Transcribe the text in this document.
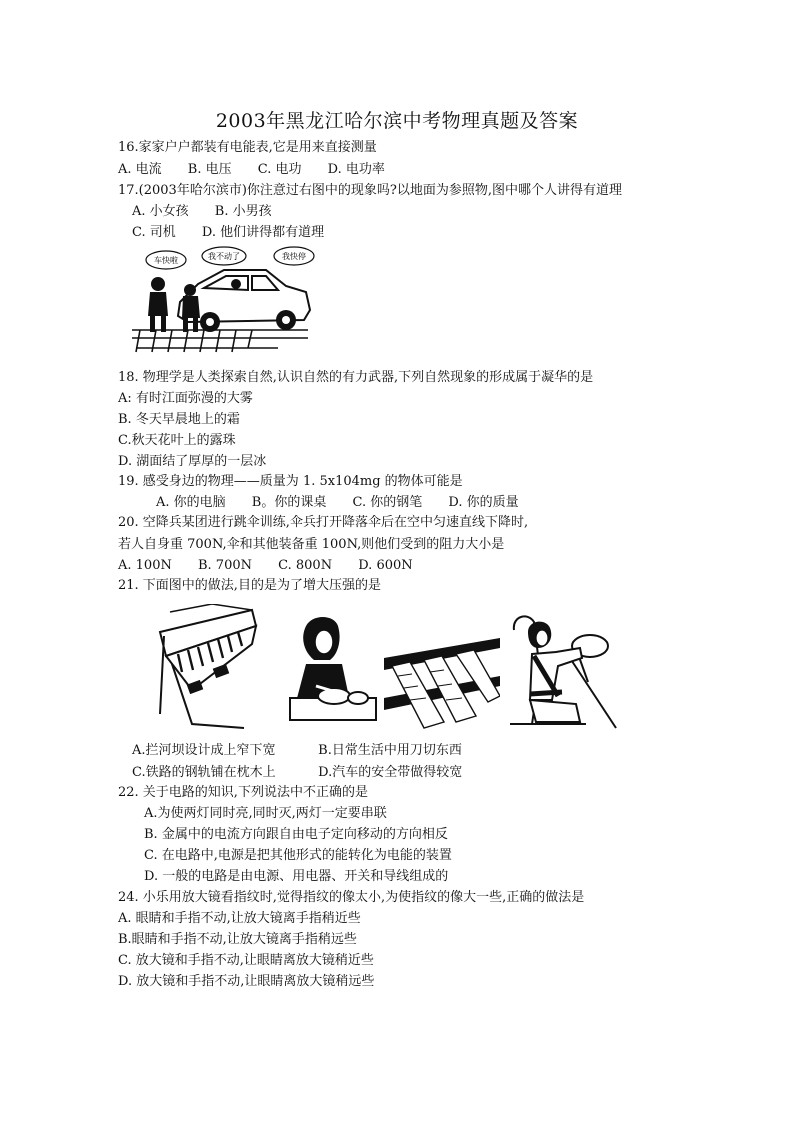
2003年黑龙江哈尔滨中考物理真题及答案
16.家家户户都装有电能表,它是用来直接测量
A. 电流 B. 电压 C. 电功 D. 电功率
17.(2003年哈尔滨市)你注意过右图中的现象吗?以地面为参照物,图中哪个人讲得有道理
A. 小女孩 B. 小男孩
C. 司机 D. 他们讲得都有道理
车快啦	我不动了	我快停
18. 物理学是人类探索自然,认识自然的有力武器,下列自然现象的形成属于凝华的是
A: 有时江面弥漫的大雾
B. 冬天早晨地上的霜
C.秋天花叶上的露珠
D. 湖面结了厚厚的一层冰
19. 感受身边的物理——质量为 1. 5x104mg 的物体可能是
A. 你的电脑 B。你的课桌 C. 你的钢笔 D. 你的质量
20. 空降兵某团进行跳伞训练,伞兵打开降落伞后在空中匀速直线下降时,
若人自身重 700N,伞和其他装备重 100N,则他们受到的阻力大小是
A. 100N B. 700N C. 800N D. 600N
21. 下面图中的做法,目的是为了增大压强的是
A.拦河坝设计成上窄下宽	B.日常生活中用刀切东西
C.铁路的钢轨铺在枕木上	D.汽车的安全带做得较宽
22. 关于电路的知识,下列说法中不正确的是
A.为使两灯同时亮,同时灭,两灯一定要串联
B. 金属中的电流方向跟自由电子定向移动的方向相反
C. 在电路中,电源是把其他形式的能转化为电能的装置
D. 一般的电路是由电源、用电器、开关和导线组成的
24. 小乐用放大镜看指纹时,觉得指纹的像太小,为使指纹的像大一些,正确的做法是
A. 眼睛和手指不动,让放大镜离手指稍近些
B.眼睛和手指不动,让放大镜离手指稍远些
C. 放大镜和手指不动,让眼睛离放大镜稍近些
D. 放大镜和手指不动,让眼睛离放大镜稍远些
